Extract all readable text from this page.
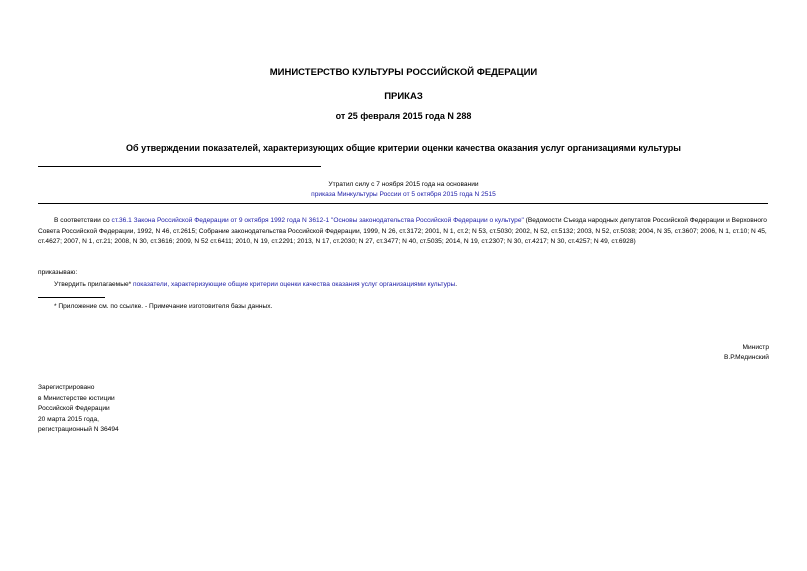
МИНИСТЕРСТВО КУЛЬТУРЫ РОССИЙСКОЙ ФЕДЕРАЦИИ
ПРИКАЗ
от 25 февраля 2015 года N 288
Об утверждении показателей, характеризующих общие критерии оценки качества оказания услуг организациями культуры
Утратил силу с 7 ноября 2015 года на основании
приказа Минкультуры России от 5 октября 2015 года N 2515
В соответствии со ст.36.1 Закона Российской Федерации от 9 октября 1992 года N 3612-1 "Основы законодательства Российской Федерации о культуре" (Ведомости Съезда народных депутатов Российской Федерации и Верховного Совета Российской Федерации, 1992, N 46, ст.2615; Собрание законодательства Российской Федерации, 1999, N 26, ст.3172; 2001, N 1, ст.2; N 53, ст.5030; 2002, N 52, ст.5132; 2003, N 52, ст.5038; 2004, N 35, ст.3607; 2006, N 1, ст.10; N 45, ст.4627; 2007, N 1, ст.21; 2008, N 30, ст.3616; 2009, N 52 ст.6411; 2010, N 19, ст.2291; 2013, N 17, ст.2030; N 27, ст.3477; N 40, ст.5035; 2014, N 19, ст.2307; N 30, ст.4217; N 30, ст.4257; N 49, ст.6928)
приказываю:
Утвердить прилагаемые* показатели, характеризующие общие критерии оценки качества оказания услуг организациями культуры.
* Приложение см. по ссылке. - Примечание изготовителя базы данных.
Министр
В.Р.Мединский
Зарегистрировано
в Министерстве юстиции
Российской Федерации
20 марта 2015 года,
регистрационный N 36494
